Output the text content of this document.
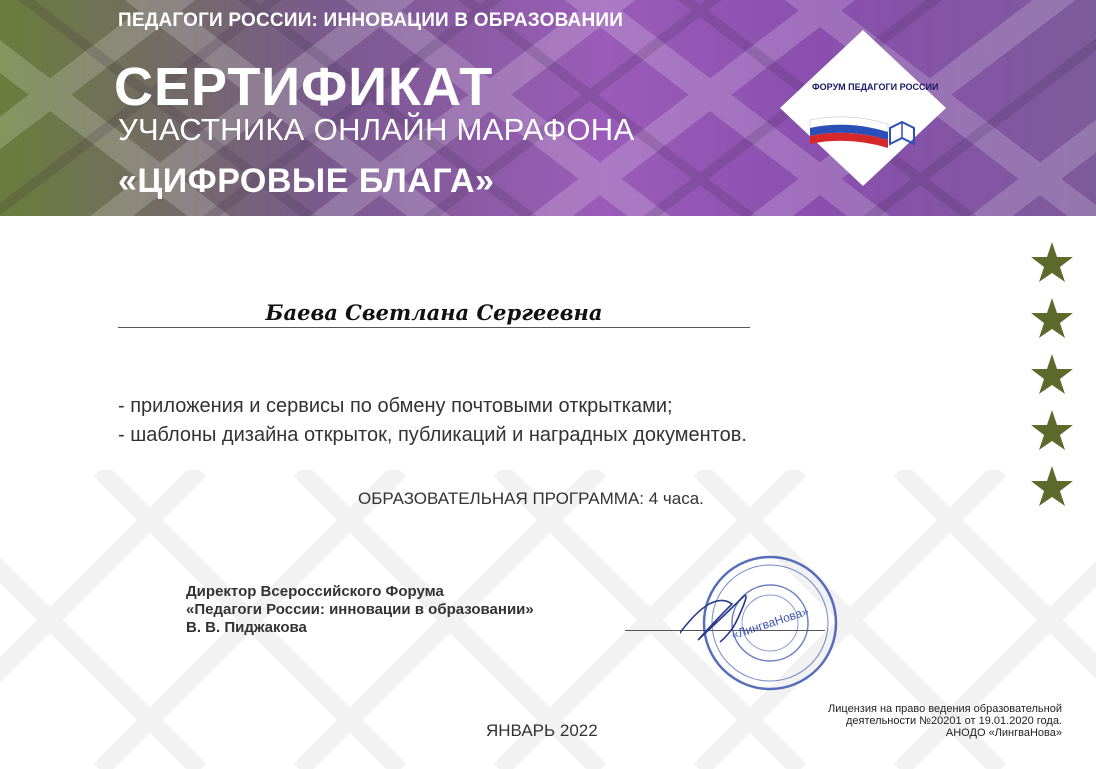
ПЕДАГОГИ РОССИИ: ИННОВАЦИИ В ОБРАЗОВАНИИ
СЕРТИФИКАТ
УЧАСТНИКА ОНЛАЙН МАРАФОНА
«ЦИФРОВЫЕ БЛАГА»
ФОРУМ ПЕДАГОГИ РОССИИ
Баева Светлана Сергеевна
- приложения и сервисы по обмену почтовыми открытками;
- шаблоны дизайна открыток, публикаций и наградных документов.
ОБРАЗОВАТЕЛЬНАЯ ПРОГРАММА: 4 часа.
Директор Всероссийского Форума
«Педагоги России: инновации в образовании»
В. В. Пиджакова	«ЛингваНова»
Лицензия на право ведения образовательной
деятельности №20201 от 19.01.2020 года.
АНОДО «ЛингваНова»
ЯНВАРЬ 2022
